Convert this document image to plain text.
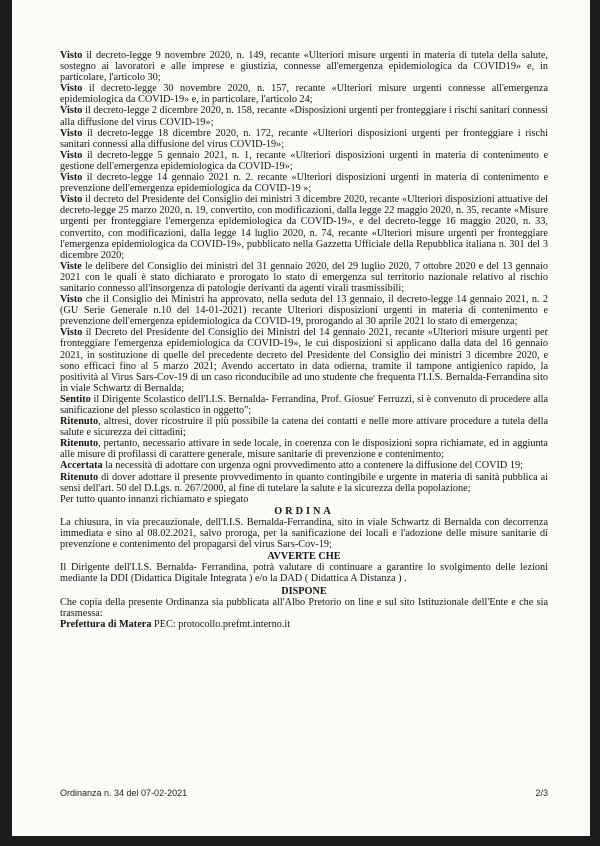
Visto il decreto-legge 9 novembre 2020, n. 149, recante «Ulteriori misure urgenti in materia di tutela della salute, sostegno ai lavoratori e alle imprese e giustizia, connesse all'emergenza epidemiologica da COVID19» e, in particolare, l'articolo 30;

Visto il decreto-legge 30 novembre 2020, n. 157, recante «Ulteriori misure urgenti connesse all'emergenza epidemiologica da COVID-19» e, in particolare, l'articolo 24;

Visto il decreto-legge 2 dicembre 2020, n. 158, recante «Disposizioni urgenti per fronteggiare i rischi sanitari connessi alla diffusione del virus COVID-19»;

Visto il decreto-legge 18 dicembre 2020, n. 172, recante «Ulteriori disposizioni urgenti per fronteggiare i rischi sanitari connessi alla diffusione del virus COVID-19»;

Visto il decreto-legge 5 gennaio 2021, n. 1, recante «Ulteriori disposizioni urgenti in materia di contenimento e gestione dell'emergenza epidemiologica da COVID-19»;

Visto il decreto-legge 14 gennaio 2021 n. 2. recante «Ulteriori disposizioni urgenti in materia di contenimento e prevenzione dell'emergenza epidemiologica da COVID-19 »;

Visto il decreto del Presidente del Consiglio dei ministri 3 dicembre 2020, recante «Ulteriori disposizioni attuative del decreto-legge 25 marzo 2020, n. 19, convertito, con modificazioni, dalla legge 22 maggio 2020, n. 35, recante «Misure urgenti per fronteggiare l'emergenza epidemiologica da COVID-19», e del decreto-legge 16 maggio 2020, n. 33, convertito, con modificazioni, dalla legge 14 luglio 2020, n. 74, recante «Ulteriori misure urgenti per fronteggiare l'emergenza epidemiologica da COVID-19», pubblicato nella Gazzetta Ufficiale della Repubblica italiana n. 301 del 3 dicembre 2020;

Viste le delibere del Consiglio dei ministri del 31 gennaio 2020, del 29 luglio 2020, 7 ottobre 2020 e del 13 gennaio 2021 con le quali è stato dichiarato e prorogato lo stato di emergenza sul territorio nazionale relativo al rischio sanitario connesso all'insorgenza di patologie derivanti da agenti virali trasmissibili;

Visto che il Consiglio dei Ministri ha approvato, nella seduta del 13 gennaio, il decreto-legge 14 gennaio 2021, n. 2 (GU Serie Generale n.10 del 14-01-2021) recante Ulteriori disposizioni urgenti in materia di contenimento e prevenzione dell'emergenza epidemiologica da COVID-19, prorogando al 30 aprile 2021 lo stato di emergenza;

Visto il Decreto del Presidente del Consiglio dei Ministri del 14 gennaio 2021, recante «Ulteriori misure urgenti per fronteggiare l'emergenza epidemiologica da COVID-19», le cui disposizioni si applicano dalla data del 16 gennaio 2021, in sostituzione di quelle del precedente decreto del Presidente del Consiglio dei ministri 3 dicembre 2020, e sono efficaci fino al 5 marzo 2021; Avendo accertato in data odierna, tramite il tampone antigienico rapido, la positività al Virus Sars-Cov-19 di un caso riconducibile ad uno studente che frequenta l'I.I.S. Bernalda-Ferrandina sito in viale Schwartz di Bernalda;

Sentito il Dirigente Scolastico dell'I.I.S. Bernalda- Ferrandina, Prof. Giosue' Ferruzzi, si è convenuto di procedere alla sanificazione del plesso scolastico in oggetto";

Ritenuto, altresì, dover ricostruire il più possibile la catena dei contatti e nelle more attivare procedure a tutela della salute e sicurezza dei cittadini;

Ritenuto, pertanto, necessario attivare in sede locale, in coerenza con le disposizioni sopra richiamate, ed in aggiunta alle misure di profilassi di carattere generale, misure sanitarie di prevenzione e contenimento;

Accertata la necessità di adottare con urgenza ogni provvedimento atto a contenere la diffusione del COVID 19;

Ritenuto di dover adottare il presente provvedimento in quanto contingibile e urgente in materia di sanità pubblica ai sensi dell'art. 50 del D.Lgs. n. 267/2000, al fine di tutelare la salute e la sicurezza della popolazione;

Per tutto quanto innanzi richiamato e spiegato

ORDINA

La chiusura, in via precauzionale, dell'I.I.S. Bernalda-Ferrandina, sito in viale Schwartz di Bernalda con decorrenza immediata e sino al 08.02.2021, salvo proroga, per la sanificazione dei locali e l'adozione delle misure sanitarie di prevenzione e contenimento del propagarsi del virus Sars-Cov-19;

AVVERTE CHE

Il Dirigente dell'I.I.S. Bernalda- Ferrandina, potrà valutare di continuare a garantire lo svolgimento delle lezioni mediante la DDI (Didattica Digitale Integrata ) e/o la DAD ( Didattica A Distanza ) .

DISPONE

Che copia della presente Ordinanza sia pubblicata all'Albo Pretorio on line e sul sito Istituzionale dell'Ente e che sia trasmessa:

Prefettura di Matera PEC: protocollo.prefmt.interno.it

Ordinanza n. 34 del 07-02-2021	2/3
